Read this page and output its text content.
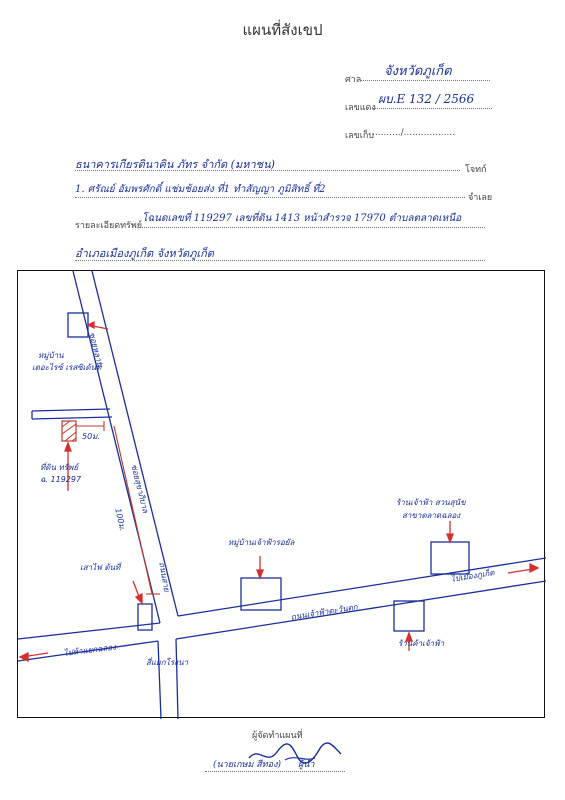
แผนที่สังเขป
ศาล
จังหวัดภูเก็ต
เลขแดง
ผบ.E 132 / 2566
เลขเก็บ
........../..................
ธนาคารเกียรตินาคิน ภัทร จำกัด (มหาชน)	โจทก์
1. ศรัณย์ อัมพรศักดิ์ แช่มช้อยส่ง ที่1 ทำสัญญา ภูมิสิทธิ์ ที่2
จำเลย
รายละเอียดทรัพย์
โฉนดเลขที่ 119297 เลขที่ดิน 1413 หน้าสำรวจ 17970 ตำบลตลาดเหนือ
อำเภอเมืองภูเก็ต จังหวัดภูเก็ต
หมู่บ้าน
เดอะไรซ์ เรสซิเด้นท์
ซอยหลาน
ซอยสุขาภิบาล
ถนนสาย
ที่ดิน ทรัพย์
ฉ. 119297
50ม.
100ม.
เสาไฟ ต้นที่
หมู่บ้านเจ้าฟ้ารอยัล
ถนนเจ้าฟ้าตะวันตก
สี่แยกโรงนา
ไปห้าแยกฉลอง
ไปเมืองภูเก็ต
ร้านเจ้าฟ้า สวนสุนัข
สาขาตลาดฉลอง
ร้านค้าเจ้าฟ้า
ผู้จัดทำแผนที่
(นายเกษม สีทอง) ผู้นำ
